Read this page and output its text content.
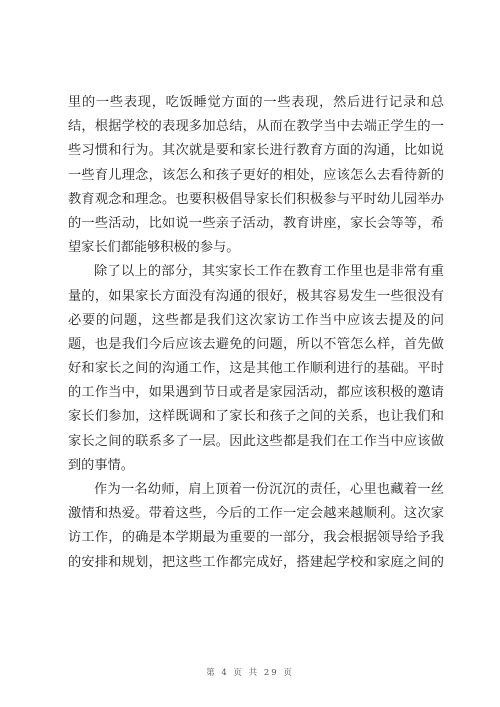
里的一些表现，吃饭睡觉方面的一些表现，然后进行记录和总
结，根据学校的表现多加总结，从而在教学当中去端正学生的一
些习惯和行为。其次就是要和家长进行教育方面的沟通，比如说
一些育儿理念，该怎么和孩子更好的相处，应该怎么去看待新的
教育观念和理念。也要积极倡导家长们积极参与平时幼儿园举办
的一些活动，比如说一些亲子活动，教育讲座，家长会等等，希
望家长们都能够积极的参与。
除了以上的部分，其实家长工作在教育工作里也是非常有重
量的，如果家长方面没有沟通的很好，极其容易发生一些很没有
必要的问题，这些都是我们这次家访工作当中应该去提及的问
题，也是我们今后应该去避免的问题，所以不管怎么样，首先做
好和家长之间的沟通工作，这是其他工作顺利进行的基础。平时
的工作当中，如果遇到节日或者是家园活动，都应该积极的邀请
家长们参加，这样既调和了家长和孩子之间的关系，也让我们和
家长之间的联系多了一层。因此这些都是我们在工作当中应该做
到的事情。
作为一名幼师，肩上顶着一份沉沉的责任，心里也藏着一丝
激情和热爱。带着这些，今后的工作一定会越来越顺利。这次家
访工作，的确是本学期最为重要的一部分，我会根据领导给予我
的安排和规划，把这些工作都完成好，搭建起学校和家庭之间的
第 4 页 共 29 页
